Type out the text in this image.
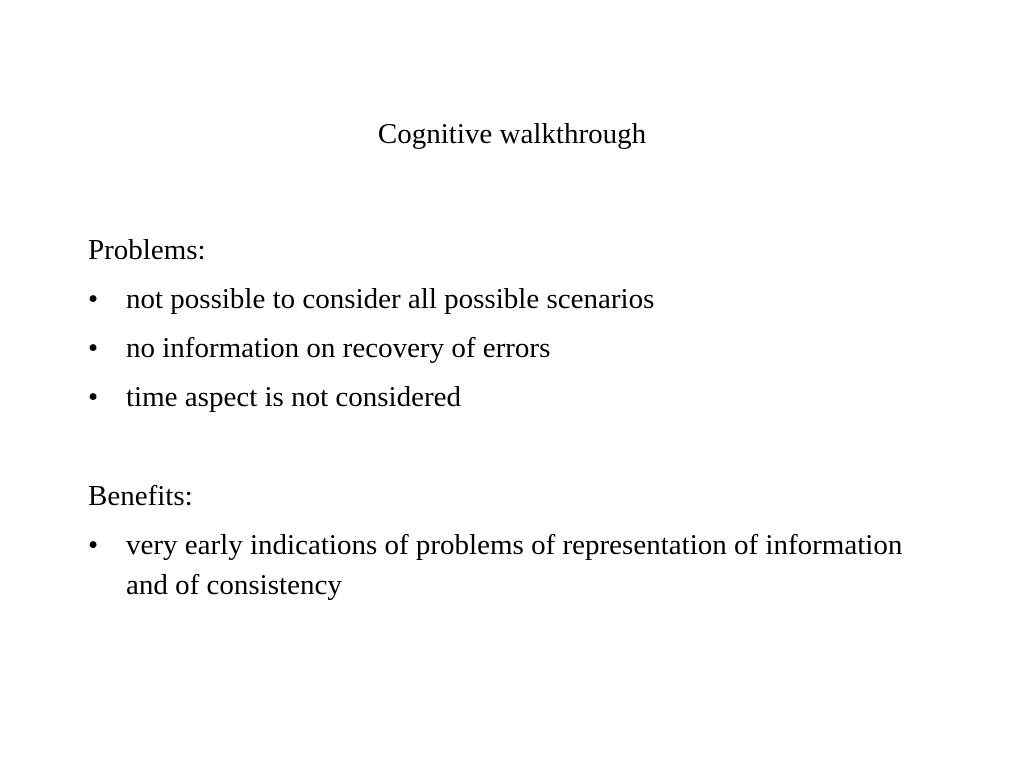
Cognitive walkthrough
Problems:
• not possible to consider all possible scenarios
• no information on recovery of errors
• time aspect is not considered
Benefits:
• very early indications of problems of representation of information and of consistency
